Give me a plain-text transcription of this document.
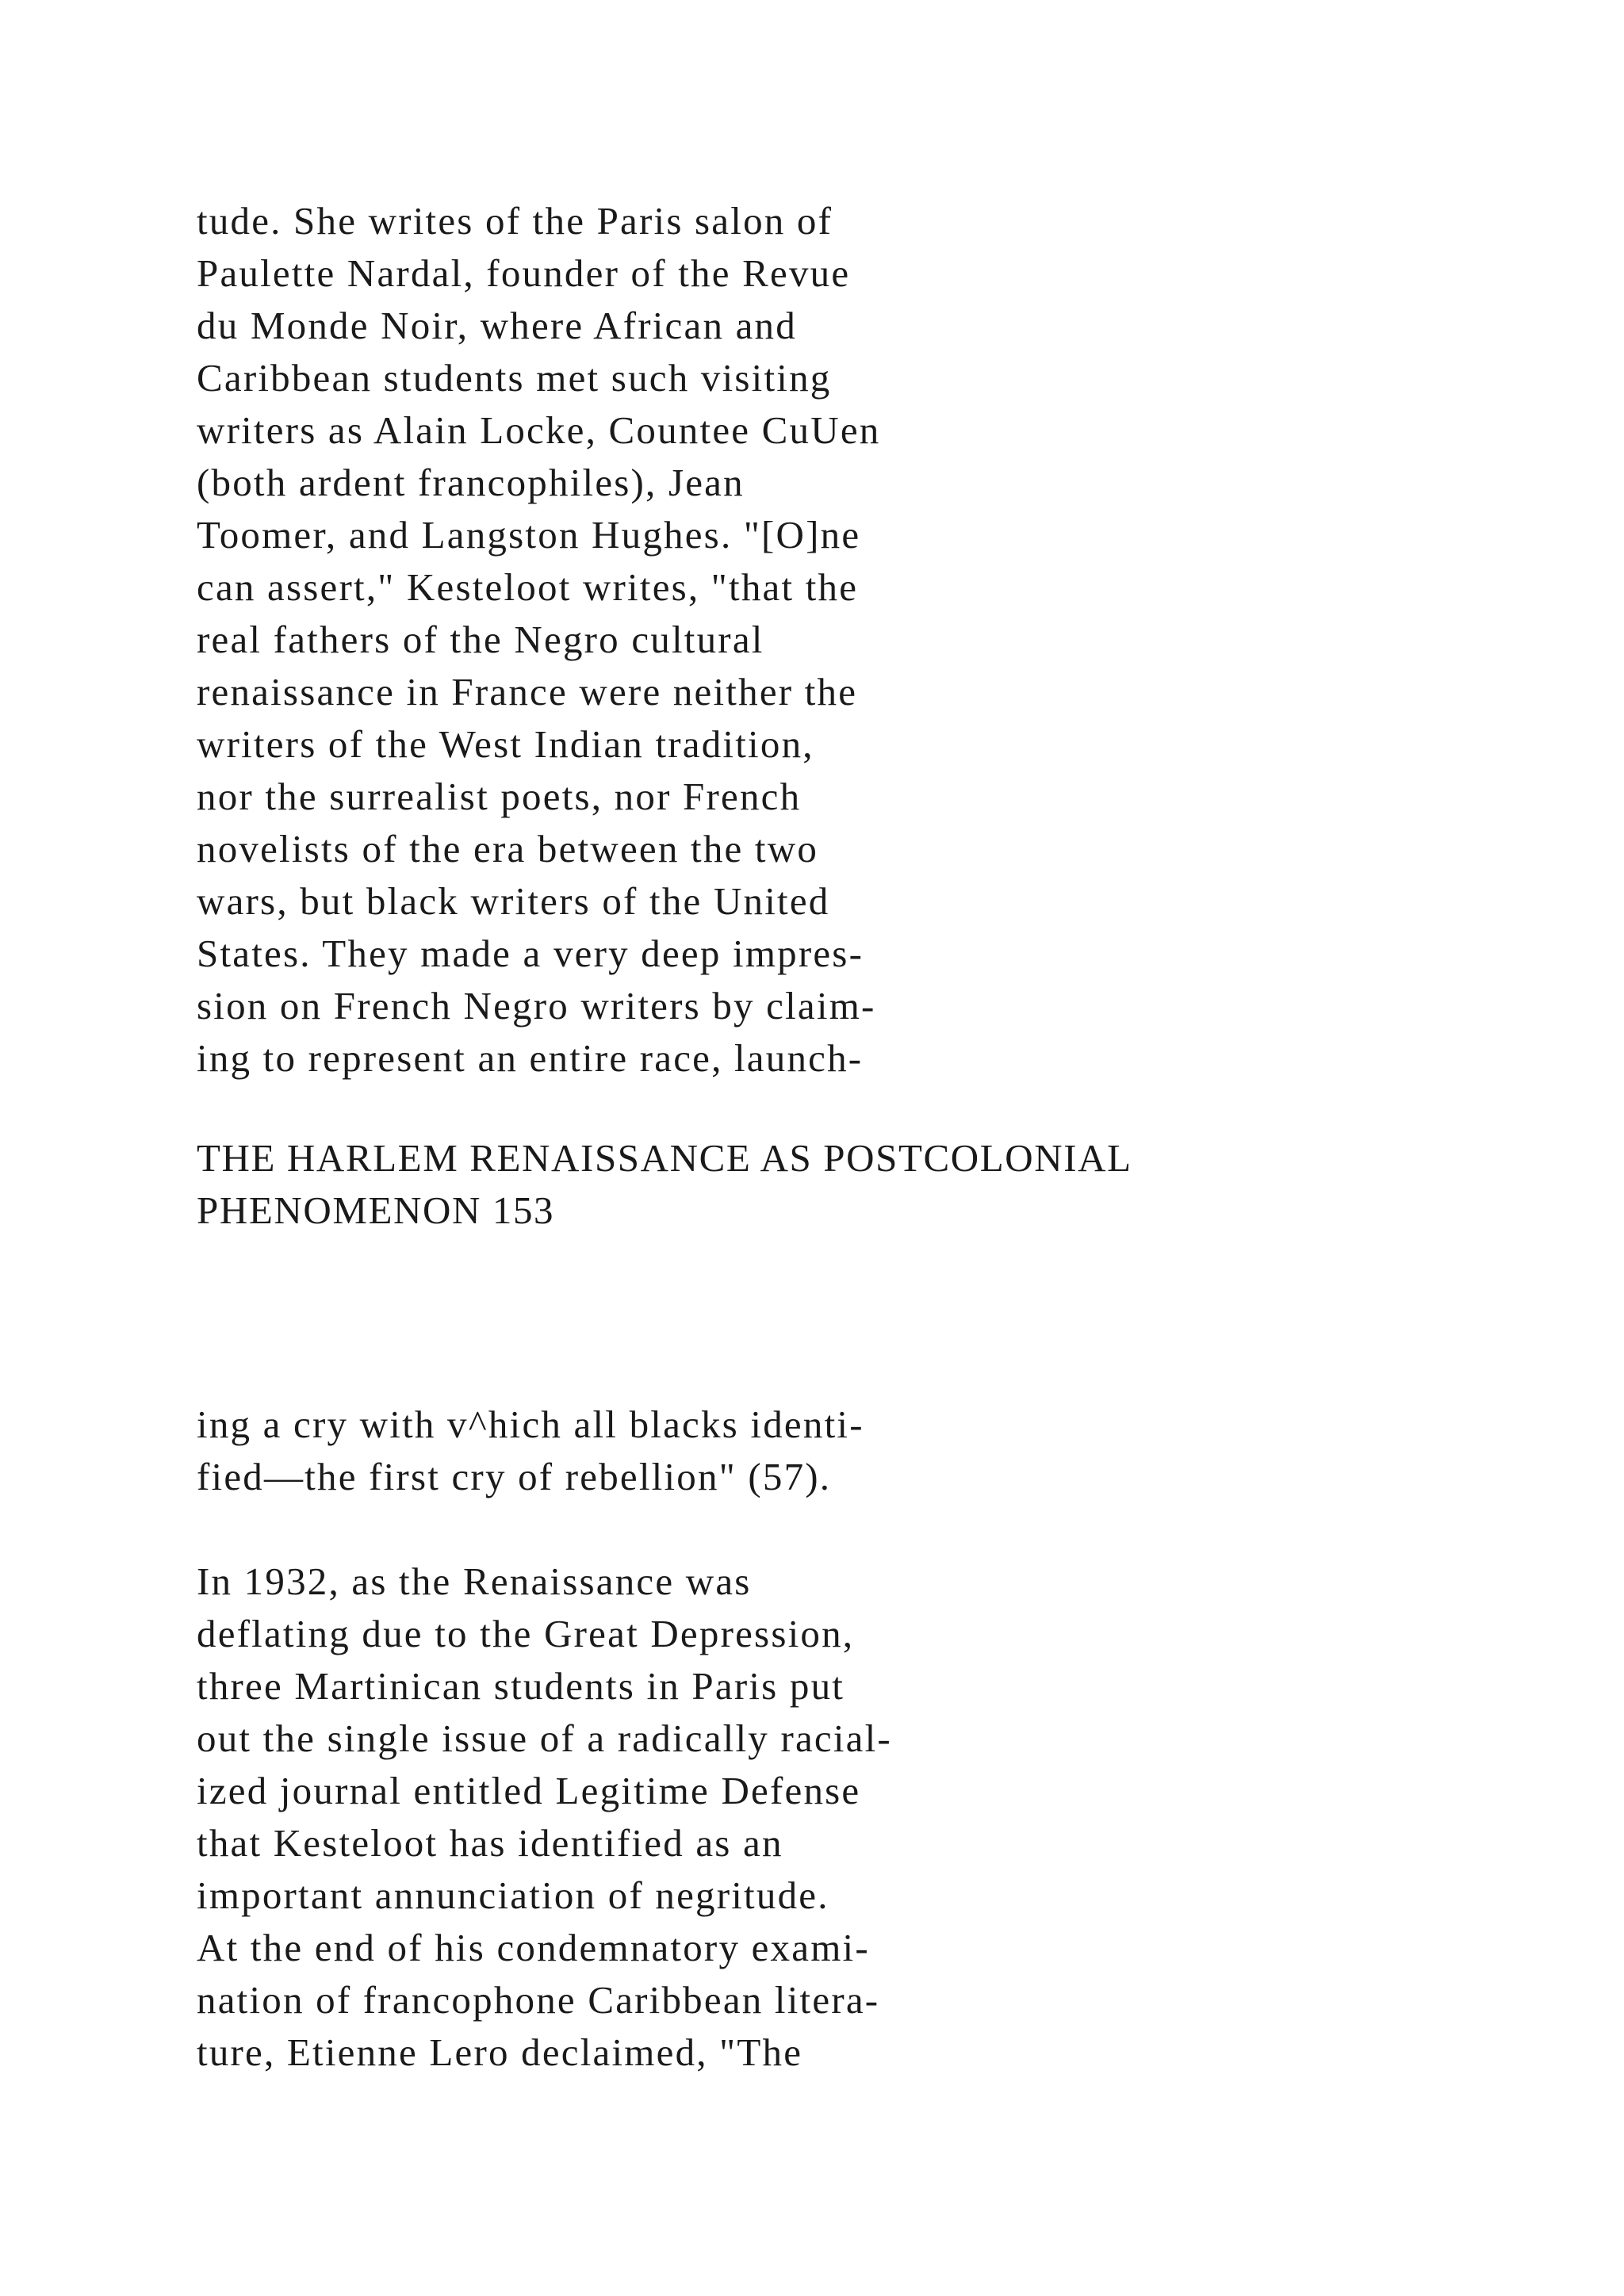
tude. She writes of the Paris salon of
Paulette Nardal, founder of the Revue
du Monde Noir, where African and
Caribbean students met such visiting
writers as Alain Locke, Countee CuUen
(both ardent francophiles), Jean
Toomer, and Langston Hughes. "[O]ne
can assert," Kesteloot writes, "that the
real fathers of the Negro cultural
renaissance in France were neither the
writers of the West Indian tradition,
nor the surrealist poets, nor French
novelists of the era between the two
wars, but black writers of the United
States. They made a very deep impres-
sion on French Negro writers by claim-
ing to represent an entire race, launch-
THE HARLEM RENAISSANCE AS POSTCOLONIAL
PHENOMENON 153
ing a cry with v^hich all blacks identi-
fied—the first cry of rebellion" (57).
In 1932, as the Renaissance was
deflating due to the Great Depression,
three Martinican students in Paris put
out the single issue of a radically racial-
ized journal entitled Legitime Defense
that Kesteloot has identified as an
important annunciation of negritude.
At the end of his condemnatory exami-
nation of francophone Caribbean litera-
ture, Etienne Lero declaimed, "The
